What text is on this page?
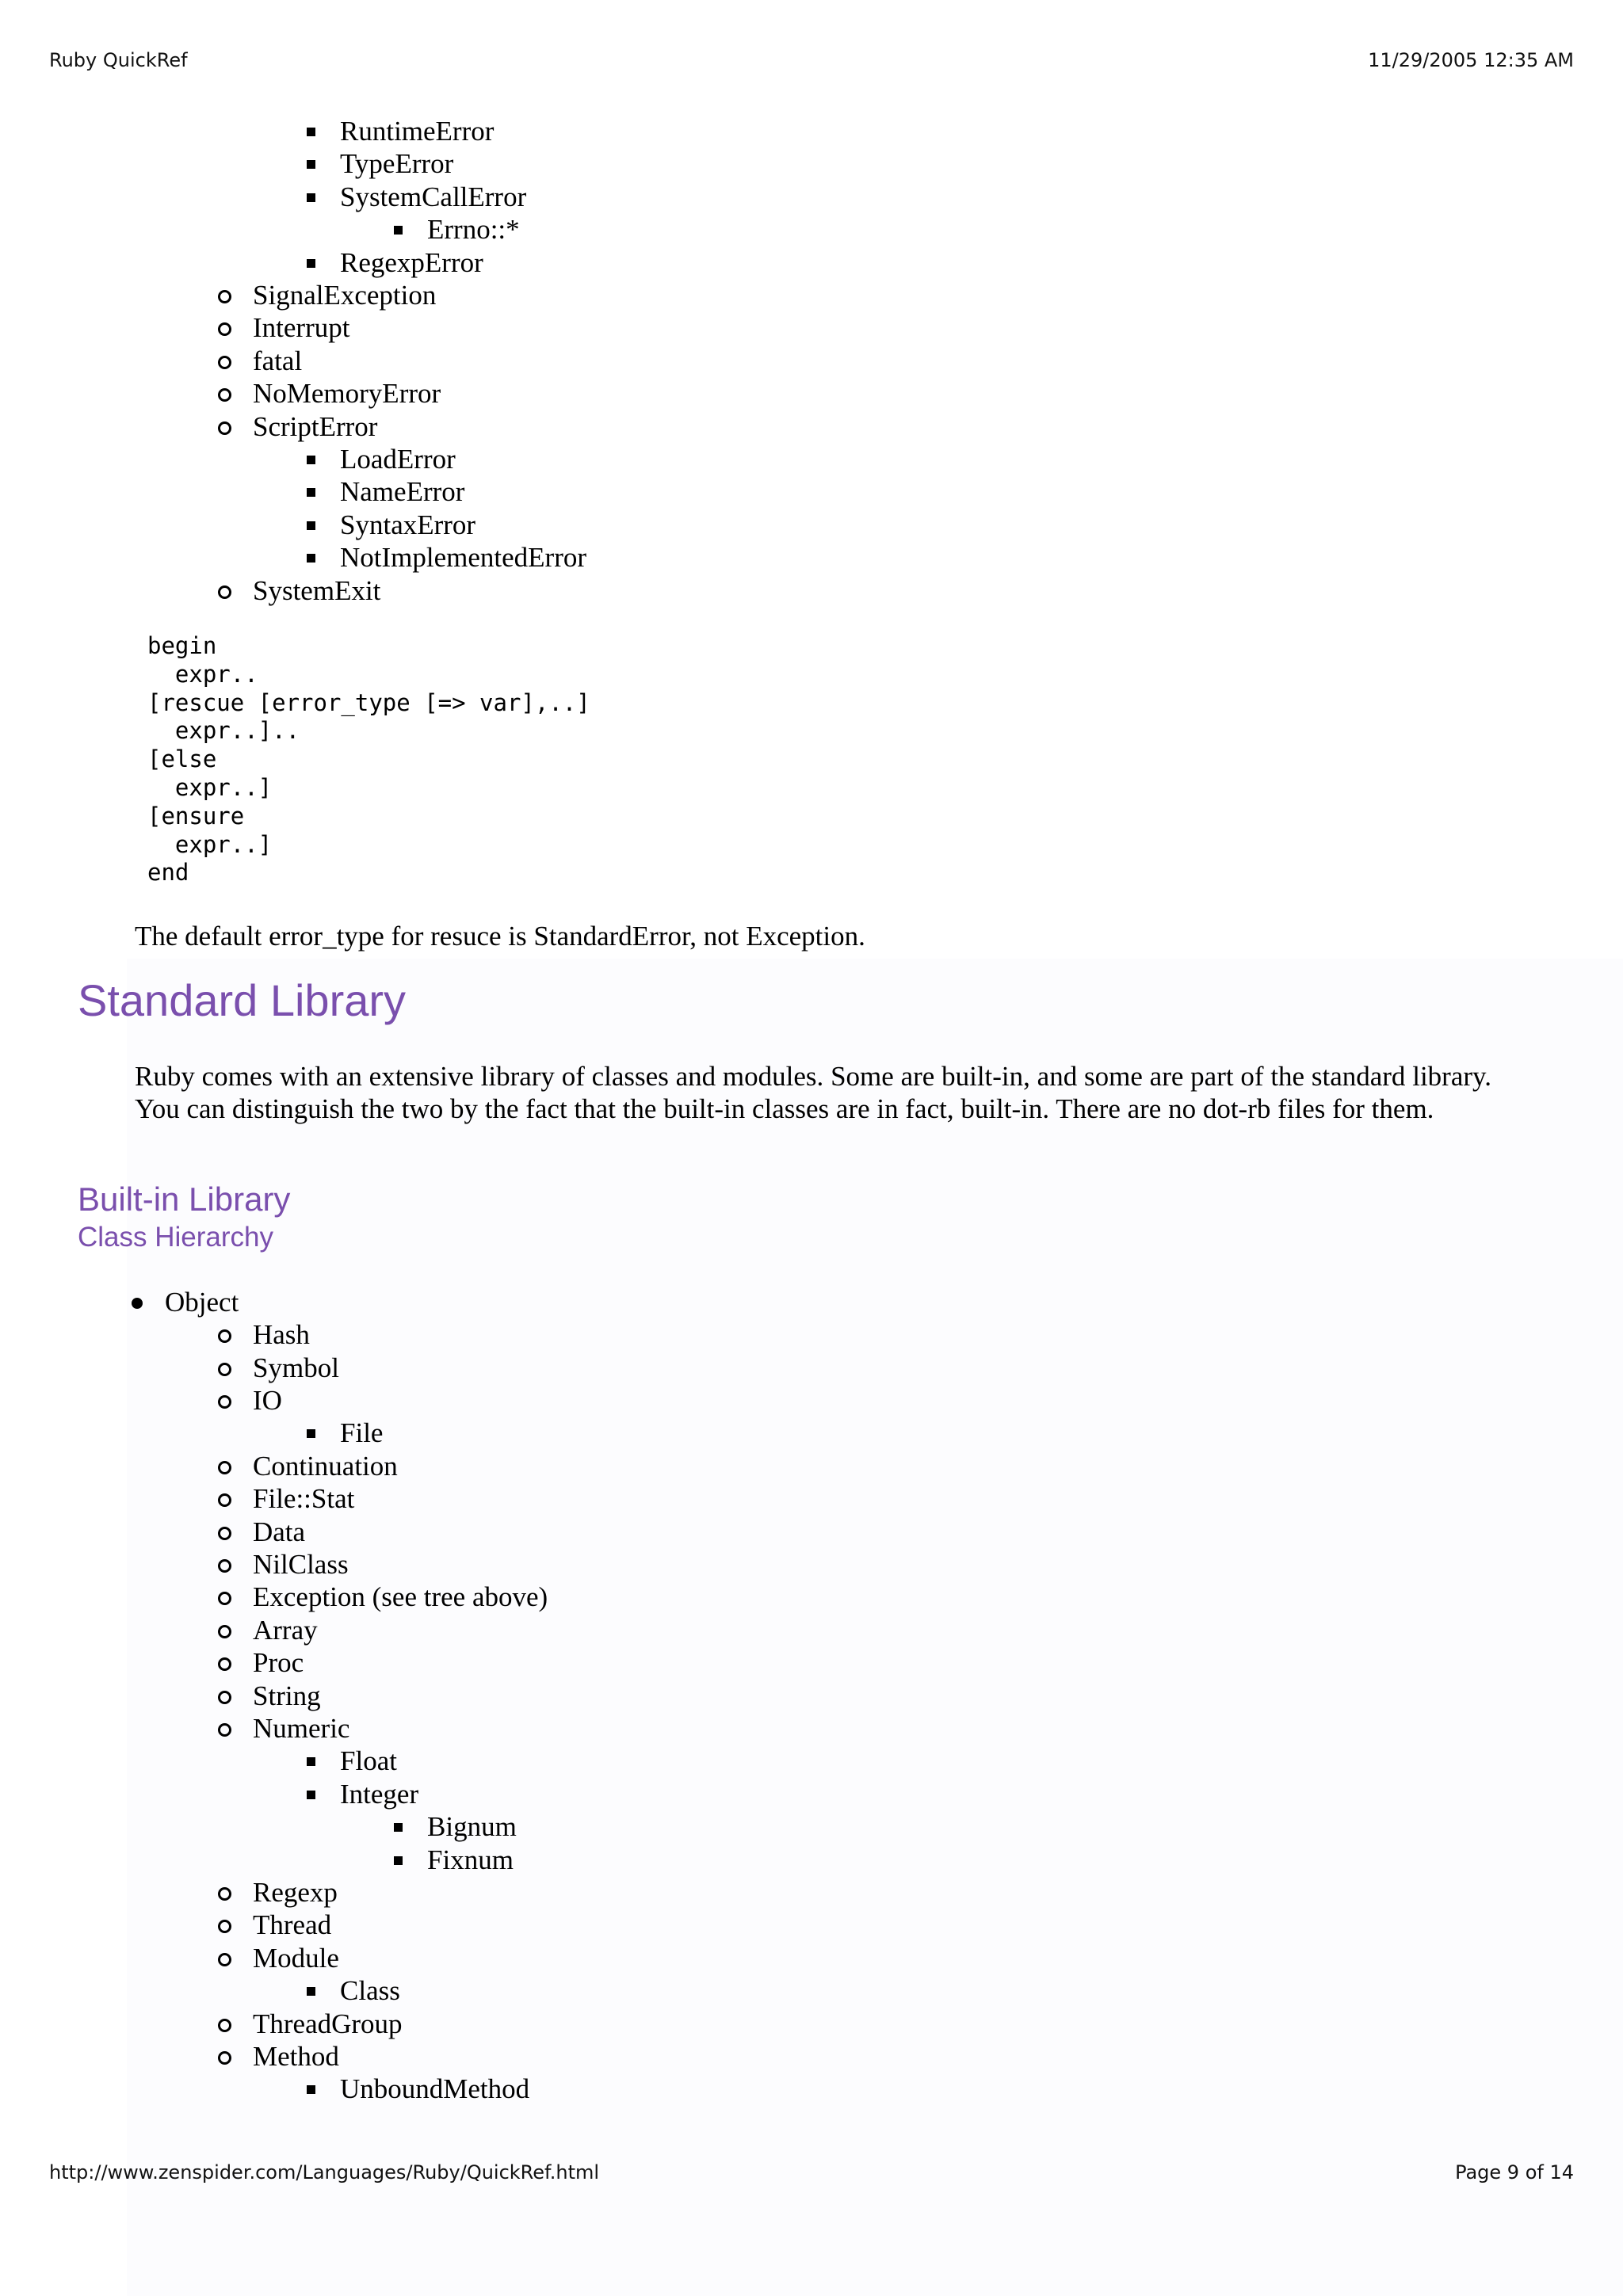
Ruby QuickRef	11/29/2005 12:35 AM
RuntimeError
TypeError
SystemCallError
Errno::*
RegexpError
SignalException
Interrupt
fatal
NoMemoryError
ScriptError
LoadError
NameError
SyntaxError
NotImplementedError
SystemExit
begin
expr..
[rescue [error_type [=> var],..]
expr..]..
[else
expr..]
[ensure
expr..]
end
The default error_type for resuce is StandardError, not Exception.
Standard Library
Ruby comes with an extensive library of classes and modules. Some are built-in, and some are part of the standard library. You can distinguish the two by the fact that the built-in classes are in fact, built-in. There are no dot-rb files for them.
Built-in Library
Class Hierarchy
Object
Hash
Symbol
IO
File
Continuation
File::Stat
Data
NilClass
Exception (see tree above)
Array
Proc
String
Numeric
Float
Integer
Bignum
Fixnum
Regexp
Thread
Module
Class
ThreadGroup
Method
UnboundMethod
http://www.zenspider.com/Languages/Ruby/QuickRef.html	Page 9 of 14
